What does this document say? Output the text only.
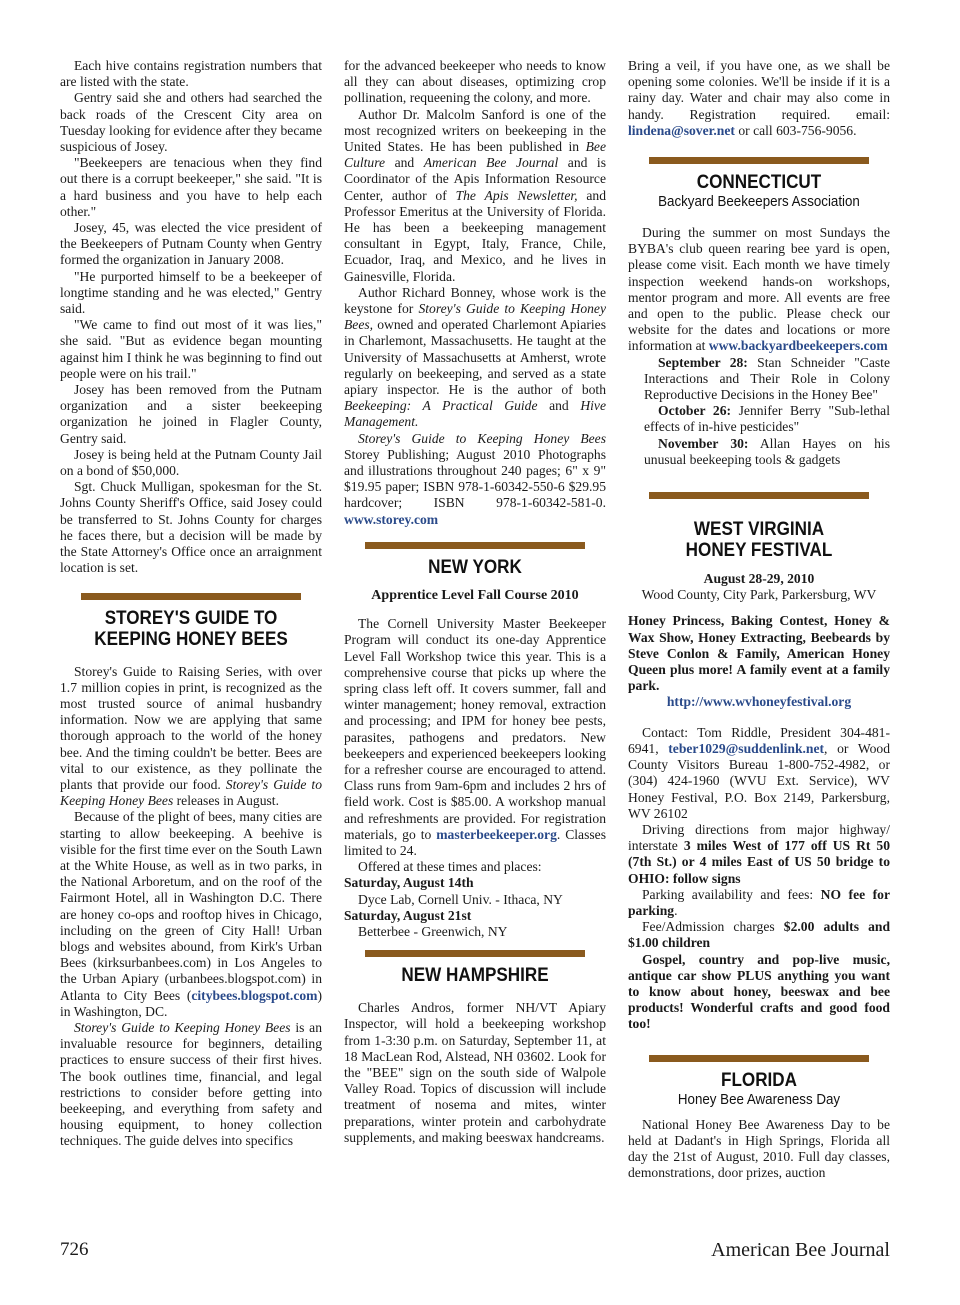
Each hive contains registration numbers that are listed with the state.

Gentry said she and others had searched the back roads of the Crescent City area on Tuesday looking for evidence after they became suspicious of Josey.

"Beekeepers are tenacious when they find out there is a corrupt beekeeper," she said. "It is a hard business and you have to help each other."

Josey, 45, was elected the vice president of the Beekeepers of Putnam County when Gentry formed the organization in January 2008.

"He purported himself to be a beekeeper of longtime standing and he was elected," Gentry said.

"We came to find out most of it was lies," she said. "But as evidence began mounting against him I think he was beginning to find out people were on his trail."

Josey has been removed from the Putnam organization and a sister beekeeping organization he joined in Flagler County, Gentry said.

Josey is being held at the Putnam County Jail on a bond of $50,000.

Sgt. Chuck Mulligan, spokesman for the St. Johns County Sheriff's Office, said Josey could be transferred to St. Johns County for charges he faces there, but a decision will be made by the State Attorney's Office once an arraignment location is set.

STOREY'S GUIDE TO
KEEPING HONEY BEES

Storey's Guide to Raising Series, with over 1.7 million copies in print, is recognized as the most trusted source of animal husbandry information. Now we are applying that same thorough approach to the world of the honey bee. And the timing couldn't be better. Bees are vital to our existence, as they pollinate the plants that provide our food. Storey's Guide to Keeping Honey Bees releases in August.

Because of the plight of bees, many cities are starting to allow beekeeping. A beehive is visible for the first time ever on the South Lawn at the White House, as well as in two parks, in the National Arboretum, and on the roof of the Fairmont Hotel, all in Washington D.C. There are honey co-ops and rooftop hives in Chicago, including on the green of City Hall! Urban blogs and websites abound, from Kirk's Urban Bees (kirksurbanbees.com) in Los Angeles to the Urban Apiary (urbanbees.blogspot.com) in Atlanta to City Bees (citybees.blogspot.com) in Washington, DC.

Storey's Guide to Keeping Honey Bees is an invaluable resource for beginners, detailing practices to ensure success of their first hives. The book outlines time, financial, and legal restrictions to consider before getting into beekeeping, and everything from safety and housing equipment, to honey collection techniques. The guide delves into specifics

for the advanced beekeeper who needs to know all they can about diseases, optimizing crop pollination, requeening the colony, and more.

Author Dr. Malcolm Sanford is one of the most recognized writers on beekeeping in the United States. He has been published in Bee Culture and American Bee Journal and is Coordinator of the Apis Information Resource Center, author of The Apis Newsletter, and Professor Emeritus at the University of Florida. He has been a beekeeping management consultant in Egypt, Italy, France, Chile, Ecuador, Iraq, and Mexico, and he lives in Gainesville, Florida.

Author Richard Bonney, whose work is the keystone for Storey's Guide to Keeping Honey Bees, owned and operated Charlemont Apiaries in Charlemont, Massachusetts. He taught at the University of Massachusetts at Amherst, wrote regularly on beekeeping, and served as a state apiary inspector. He is the author of both Beekeeping: A Practical Guide and Hive Management.

Storey's Guide to Keeping Honey Bees Storey Publishing; August 2010 Photographs and illustrations throughout 240 pages; 6" x 9" $19.95 paper; ISBN 978-1-60342-550-6 $29.95 hardcover; ISBN 978-1-60342-581-0. www.storey.com

NEW YORK
Apprentice Level Fall Course 2010

The Cornell University Master Beekeeper Program will conduct its one-day Apprentice Level Fall Workshop twice this year. This is a comprehensive course that picks up where the spring class left off. It covers summer, fall and winter management; honey removal, extraction and processing; and IPM for honey bee pests, parasites, pathogens and predators. New beekeepers and experienced beekeepers looking for a refresher course are encouraged to attend. Class runs from 9am-6pm and includes 2 hrs of field work. Cost is $85.00. A workshop manual and refreshments are provided. For registration materials, go to masterbeekeeper.org. Classes limited to 24.

Offered at these times and places:

Saturday, August 14th

Dyce Lab, Cornell Univ. - Ithaca, NY

Saturday, August 21st

Betterbee - Greenwich, NY

NEW HAMPSHIRE

Charles Andros, former NH/VT Apiary Inspector, will hold a beekeeping workshop from 1-3:30 p.m. on Saturday, September 11, at 18 MacLean Rod, Alstead, NH 03602. Look for the "BEE" sign on the south side of Walpole Valley Road. Topics of discussion will include treatment of nosema and mites, winter preparations, winter protein and carbohydrate supplements, and making beeswax handcreams.

Bring a veil, if you have one, as we shall be opening some colonies. We'll be inside if it is a rainy day. Water and chair may also come in handy. Registration required. email: lindena@sover.net or call 603-756-9056.

CONNECTICUT
Backyard Beekeepers Association

During the summer on most Sundays the BYBA's club queen rearing bee yard is open, please come visit. Each month we have timely inspection weekend hands-on workshops, mentor program and more. All events are free and open to the public. Please check our website for the dates and locations or more information at www.backyardbeekeepers.com

September 28: Stan Schneider "Caste Interactions and Their Role in Colony Reproductive Decisions in the Honey Bee"

October 26: Jennifer Berry "Sub-lethal effects of in-hive pesticides"

November 30: Allan Hayes on his unusual beekeeping tools & gadgets

WEST VIRGINIA
HONEY FESTIVAL
August 28-29, 2010
Wood County, City Park, Parkersburg, WV

Honey Princess, Baking Contest, Honey & Wax Show, Honey Extracting, Beebeards by Steve Conlon & Family, American Honey Queen plus more! A family event at a family park.

http://www.wvhoneyfestival.org

Contact: Tom Riddle, President 304-481-6941, teber1029@suddenlink.net, or Wood County Visitors Bureau 1-800-752-4982, or (304) 424-1960 (WVU Ext. Service), WV Honey Festival, P.O. Box 2149, Parkersburg, WV 26102

Driving directions from major highway/ interstate 3 miles West of 177 off US Rt 50 (7th St.) or 4 miles East of US 50 bridge to OHIO: follow signs

Parking availability and fees: NO fee for parking.

Fee/Admission charges $2.00 adults and $1.00 children

Gospel, country and pop-live music, antique car show PLUS anything you want to know about honey, beeswax and bee products! Wonderful crafts and good food too!

FLORIDA
Honey Bee Awareness Day

National Honey Bee Awareness Day to be held at Dadant's in High Springs, Florida all day the 21st of August, 2010. Full day classes, demonstrations, door prizes, auction

726	American Bee Journal
